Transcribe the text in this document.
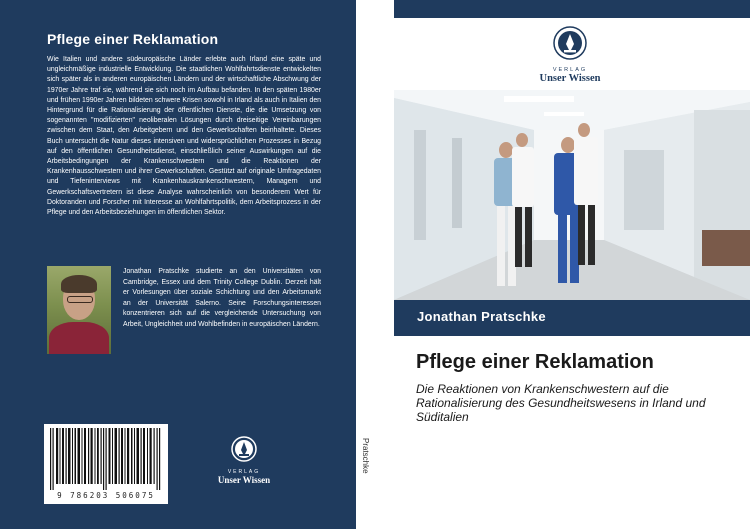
Pflege einer Reklamation
Wie Italien und andere südeuropäische Länder erlebte auch Irland eine späte und ungleichmäßige industrielle Entwicklung. Die staatlichen Wohlfahrtsdienste entwickelten sich später als in anderen europäischen Ländern und der wirtschaftliche Abschwung der 1970er Jahre traf sie, während sie sich noch im Aufbau befanden. In den späten 1980er und frühen 1990er Jahren bildeten schwere Krisen sowohl in Irland als auch in Italien den Hintergrund für die Rationalisierung der öffentlichen Dienste, die die Umsetzung von sogenannten "modifizierten" neoliberalen Lösungen durch dreiseitige Vereinbarungen zwischen dem Staat, den Arbeitgebern und den Gewerkschaften beinhaltete. Dieses Buch untersucht die Natur dieses intensiven und widersprüchlichen Prozesses in Bezug auf den öffentlichen Gesundheitsdienst, einschließlich seiner Auswirkungen auf die Arbeitsbedingungen der Krankenschwestern und die Reaktionen der Krankenhausschwestern und ihrer Gewerkschaften. Gestützt auf originale Umfragedaten und Tiefeninterviews mit Krankenhauskrankenschwestern, Managern und Gewerkschaftsvertretern ist diese Analyse wahrscheinlich von besonderem Wert für Doktoranden und Forscher mit Interesse an Wohlfahrtspolitik, dem Arbeitsprozess in der Pflege und den Arbeitsbeziehungen im öffentlichen Sektor.
Jonathan Pratschke studierte an den Universitäten von Cambridge, Essex und dem Trinity College Dublin. Derzeit hält er Vorlesungen über soziale Schichtung und den Arbeitsmarkt an der Universität Salerno. Seine Forschungsinteressen konzentrieren sich auf die vergleichende Untersuchung von Arbeit, Ungleichheit und Wohlbefinden in europäischen Ländern.
9 786203 506075
VERLAG
Unser Wissen
Pratschke
VERLAG
Unser Wissen
Jonathan Pratschke
Pflege einer Reklamation
Die Reaktionen von Krankenschwestern auf die Rationalisierung des Gesundheitswesens in Irland und Süditalien
